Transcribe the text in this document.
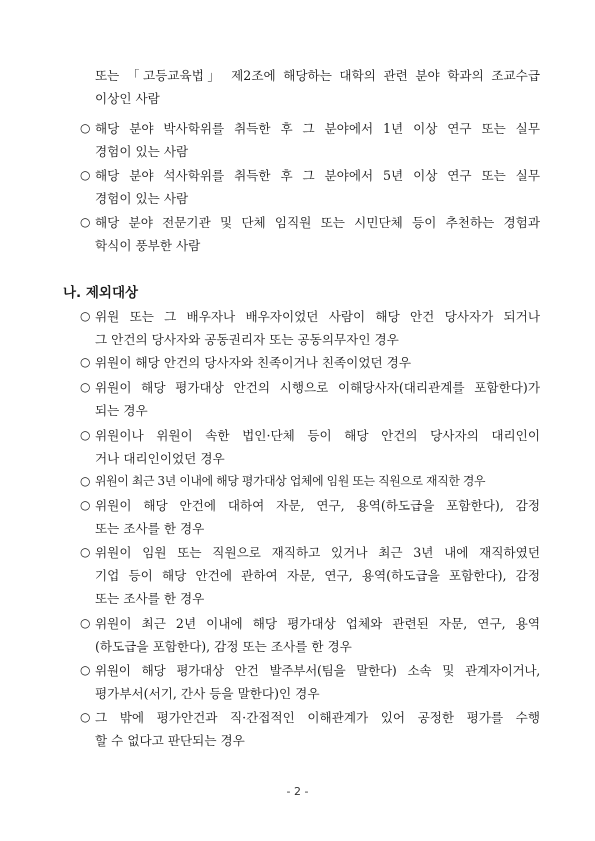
또는 「고등교육법」 제2조에 해당하는 대학의 관련 분야 학과의 조교수급
이상인 사람
○ 해당 분야 박사학위를 취득한 후 그 분야에서 1년 이상 연구 또는 실무
경험이 있는 사람
○ 해당 분야 석사학위를 취득한 후 그 분야에서 5년 이상 연구 또는 실무
경험이 있는 사람
○ 해당 분야 전문기관 및 단체 임직원 또는 시민단체 등이 추천하는 경험과
학식이 풍부한 사람
나. 제외대상
○ 위원 또는 그 배우자나 배우자이었던 사람이 해당 안건 당사자가 되거나
그 안건의 당사자와 공동권리자 또는 공동의무자인 경우
○ 위원이 해당 안건의 당사자와 친족이거나 친족이었던 경우
○ 위원이 해당 평가대상 안건의 시행으로 이해당사자(대리관계를 포함한다)가
되는 경우
○ 위원이나 위원이 속한 법인·단체 등이 해당 안건의 당사자의 대리인이
거나 대리인이었던 경우
○ 위원이 최근 3년 이내에 해당 평가대상 업체에 임원 또는 직원으로 재직한 경우
○ 위원이 해당 안건에 대하여 자문, 연구, 용역(하도급을 포함한다), 감정
또는 조사를 한 경우
○ 위원이 임원 또는 직원으로 재직하고 있거나 최근 3년 내에 재직하였던
기업 등이 해당 안건에 관하여 자문, 연구, 용역(하도급을 포함한다), 감정
또는 조사를 한 경우
○ 위원이 최근 2년 이내에 해당 평가대상 업체와 관련된 자문, 연구, 용역
(하도급을 포함한다), 감정 또는 조사를 한 경우
○ 위원이 해당 평가대상 안건 발주부서(팀을 말한다) 소속 및 관계자이거나,
평가부서(서기, 간사 등을 말한다)인 경우
○ 그 밖에 평가안건과 직·간접적인 이해관계가 있어 공정한 평가를 수행
할 수 없다고 판단되는 경우
- 2 -
